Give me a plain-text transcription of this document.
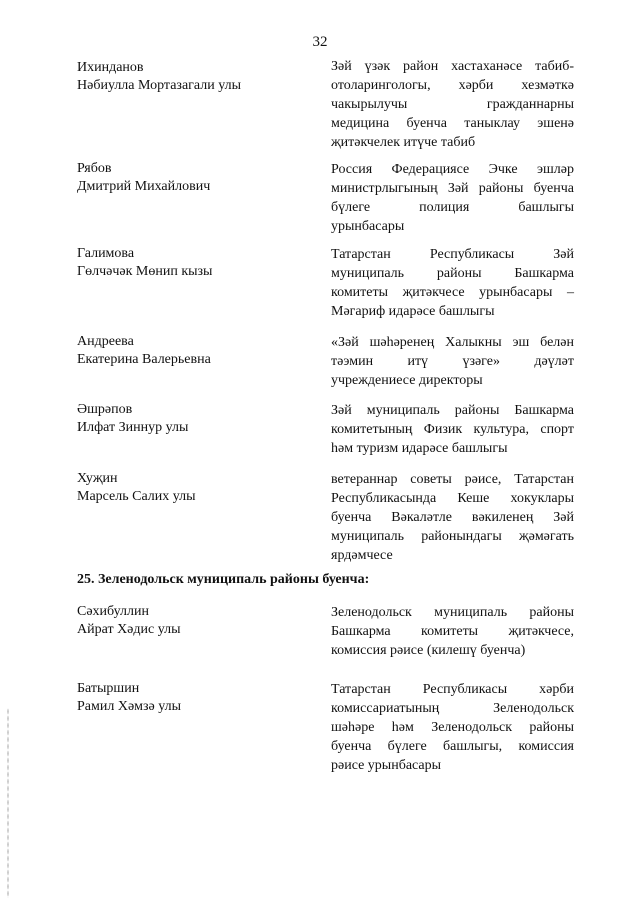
32
Ихинданов
Нәбиулла Мортазагали улы
Зәй үзәк район хастаханәсе табиб-
отоларингологы, хәрби хезмәткә
чакырылучы гражданнарны
медицина буенча таныклау эшенә
җитәкчелек итүче табиб
Рябов
Дмитрий Михайлович
Россия Федерациясе Эчке эшләр
министрлыгының Зәй районы буенча
бүлеге полиция башлыгы
урынбасары
Галимова
Гөлчәчәк Мөнип кызы
Татарстан Республикасы Зәй
муниципаль районы Башкарма
комитеты җитәкчесе урынбасары –
Мәгариф идарәсе башлыгы
Андреева
Екатерина Валерьевна
«Зәй шәһәренең Халыкны эш белән
тәэмин итү үзәге» дәүләт
учреждениесе директоры
Әшрәпов
Илфат Зиннур улы
Зәй муниципаль районы Башкарма
комитетының Физик культура, спорт
һәм туризм идарәсе башлыгы
Хуҗин
Марсель Салих улы
ветераннар советы рәисе, Татарстан
Республикасында Кеше хокуклары
буенча Вәкаләтле вәкиленең Зәй
муниципаль районындагы җәмәгать
ярдәмчесе
25. Зеленодольск муниципаль районы буенча:
Сәхибуллин
Айрат Хәдис улы
Зеленодольск муниципаль районы
Башкарма комитеты җитәкчесе,
комиссия рәисе (килешү буенча)
Батыршин
Рамил Хәмзә улы
Татарстан Республикасы хәрби
комиссариатының Зеленодольск
шәһәре һәм Зеленодольск районы
буенча бүлеге башлыгы, комиссия
рәисе урынбасары
